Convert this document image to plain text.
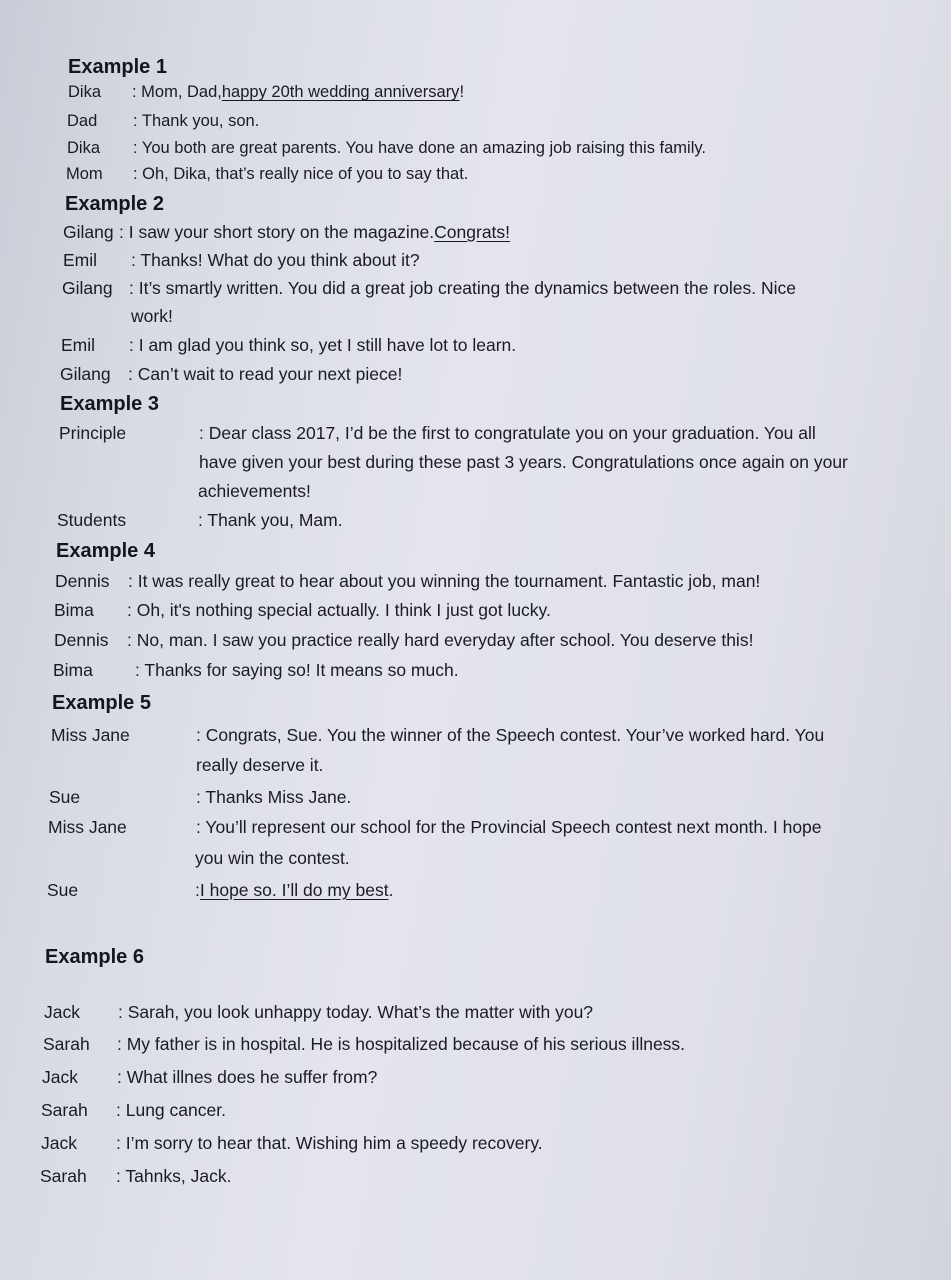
Example 1
Dika	: Mom, Dad, happy 20th wedding anniversary !
Dad	: Thank you, son.
Dika	: You both are great parents. You have done an amazing job raising this family.
Mom	: Oh, Dika, that’s really nice of you to say that.
Example 2
Gilang : I saw your short story on the magazine. Congrats!
Emil	: Thanks! What do you think about it?
Gilang : It’s smartly written. You did a great job creating the dynamics between the roles. Nice
work!
Emil	: I am glad you think so, yet I still have lot to learn.
Gilang : Can’t wait to read your next piece!
Example 3
Principle	: Dear class 2017, I’d be the first to congratulate you on your graduation. You all
have given your best during these past 3 years. Congratulations once again on your
achievements!
Students	: Thank you, Mam.
Example 4
Dennis	: It was really great to hear about you winning the tournament. Fantastic job, man!
Bima	: Oh, it's nothing special actually. I think I just got lucky.
Dennis	: No, man. I saw you practice really hard everyday after school. You deserve this!
Bima	: Thanks for saying so! It means so much.
Example 5
Miss Jane	: Congrats, Sue. You the winner of the Speech contest. Your’ve worked hard. You
really deserve it.
Sue	: Thanks Miss Jane.
Miss Jane	: You’ll represent our school for the Provincial Speech contest next month. I hope
you win the contest.
Sue	: I hope so. I’ll do my best .
Example 6
Jack	: Sarah, you look unhappy today. What’s the matter with you?
Sarah	: My father is in hospital. He is hospitalized because of his serious illness.
Jack	: What illnes does he suffer from?
Sarah	: Lung cancer.
Jack	: I’m sorry to hear that. Wishing him a speedy recovery.
Sarah	: Tahnks, Jack.
